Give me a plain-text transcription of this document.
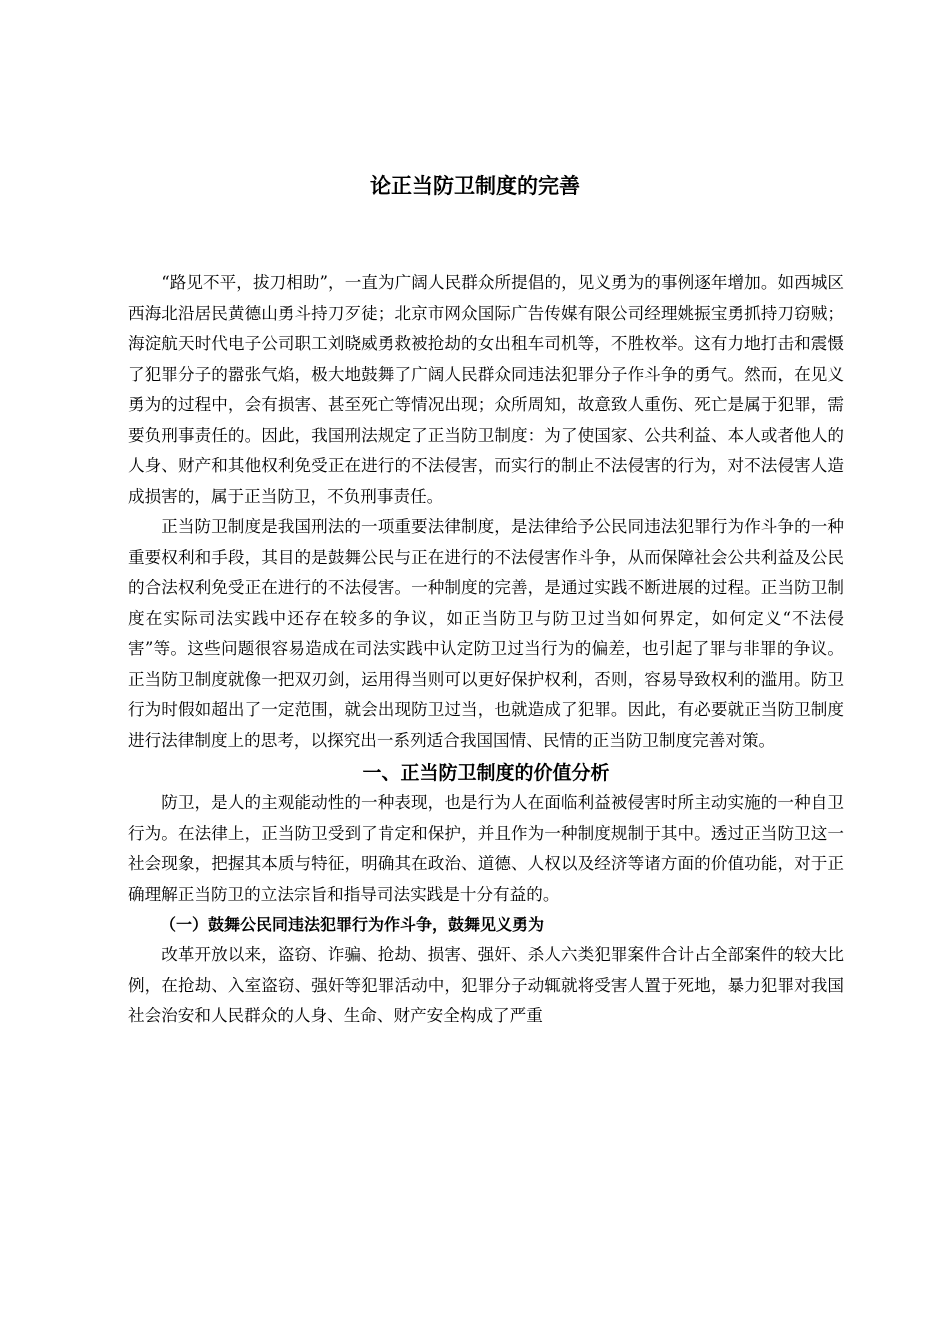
论正当防卫制度的完善

“路见不平，拔刀相助”，一直为广阔人民群众所提倡的，见义勇为的事例逐年增加。如西城区西海北沿居民黄德山勇斗持刀歹徒；北京市网众国际广告传媒有限公司经理姚振宝勇抓持刀窃贼；海淀航天时代电子公司职工刘晓威勇救被抢劫的女出租车司机等，不胜枚举。这有力地打击和震慑了犯罪分子的嚣张气焰，极大地鼓舞了广阔人民群众同违法犯罪分子作斗争的勇气。然而，在见义勇为的过程中，会有损害、甚至死亡等情况出现；众所周知，故意致人重伤、死亡是属于犯罪，需要负刑事责任的。因此，我国刑法规定了正当防卫制度：为了使国家、公共利益、本人或者他人的人身、财产和其他权利免受正在进行的不法侵害，而实行的制止不法侵害的行为，对不法侵害人造成损害的，属于正当防卫，不负刑事责任。

正当防卫制度是我国刑法的一项重要法律制度，是法律给予公民同违法犯罪行为作斗争的一种重要权利和手段，其目的是鼓舞公民与正在进行的不法侵害作斗争，从而保障社会公共利益及公民的合法权利免受正在进行的不法侵害。一种制度的完善，是通过实践不断进展的过程。正当防卫制度在实际司法实践中还存在较多的争议，如正当防卫与防卫过当如何界定，如何定义“不法侵害”等。这些问题很容易造成在司法实践中认定防卫过当行为的偏差，也引起了罪与非罪的争议。正当防卫制度就像一把双刃剑，运用得当则可以更好保护权利，否则，容易导致权利的滥用。防卫行为时假如超出了一定范围，就会出现防卫过当，也就造成了犯罪。因此，有必要就正当防卫制度进行法律制度上的思考，以探究出一系列适合我国国情、民情的正当防卫制度完善对策。

一、正当防卫制度的价值分析

防卫，是人的主观能动性的一种表现，也是行为人在面临利益被侵害时所主动实施的一种自卫行为。在法律上，正当防卫受到了肯定和保护，并且作为一种制度规制于其中。透过正当防卫这一社会现象，把握其本质与特征，明确其在政治、道德、人权以及经济等诸方面的价值功能，对于正确理解正当防卫的立法宗旨和指导司法实践是十分有益的。

（一）鼓舞公民同违法犯罪行为作斗争，鼓舞见义勇为

改革开放以来，盗窃、诈骗、抢劫、损害、强奸、杀人六类犯罪案件合计占全部案件的较大比例，在抢劫、入室盗窃、强奸等犯罪活动中，犯罪分子动辄就将受害人置于死地，暴力犯罪对我国社会治安和人民群众的人身、生命、财产安全构成了严重
